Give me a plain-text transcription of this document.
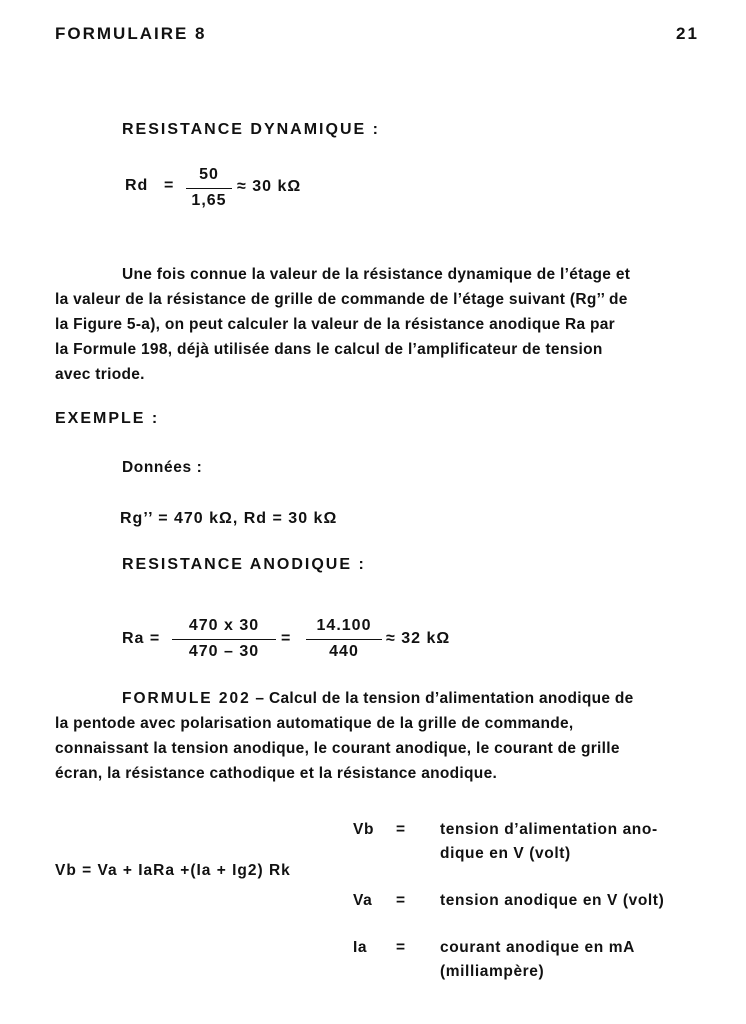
FORMULAIRE 8	21
RESISTANCE DYNAMIQUE :
Rd =
50
1,65
≈ 30 kΩ
Une fois connue la valeur de la résistance dynamique de l’étage et
la valeur de la résistance de grille de commande de l’étage suivant (Rg’’ de
la Figure 5-a), on peut calculer la valeur de la résistance anodique Ra par
la Formule 198, déjà utilisée dans le calcul de l’amplificateur de tension
avec triode.
EXEMPLE :
Données :
Rg’’ = 470 kΩ, Rd = 30 kΩ
RESISTANCE ANODIQUE :
Ra =
470 x 30
470 – 30
=
14.100
440
≈ 32 kΩ
FORMULE 202 – Calcul de la tension d’alimentation anodique de
la pentode avec polarisation automatique de la grille de commande,
connaissant la tension anodique, le courant anodique, le courant de grille
écran, la résistance cathodique et la résistance anodique.
Vb = Va + IaRa +(Ia + Ig2) Rk
Vb = tension d’alimentation ano-
dique en V (volt)
Va = tension anodique en V (volt)
Ia = courant anodique en mA
(milliampère)
